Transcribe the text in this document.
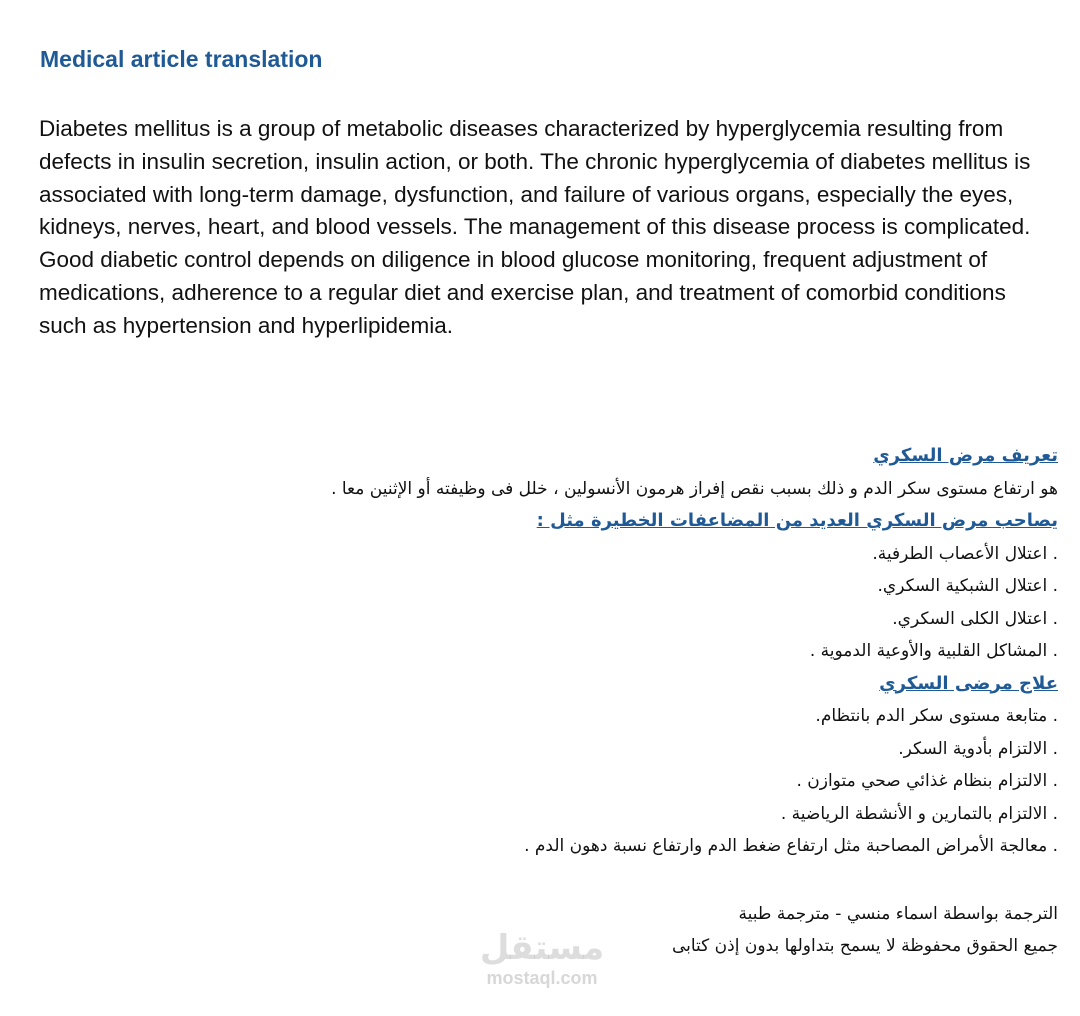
Medical article translation

Diabetes mellitus is a group of metabolic diseases characterized by hyperglycemia resulting from defects in insulin secretion, insulin action, or both. The chronic hyperglycemia of diabetes mellitus is associated with long-term damage, dysfunction, and failure of various organs, especially the eyes, kidneys, nerves, heart, and blood vessels. The management of this disease process is complicated. Good diabetic control depends on diligence in blood glucose monitoring, frequent adjustment of medications, adherence to a regular diet and exercise plan, and treatment of comorbid conditions such as hypertension and hyperlipidemia.

تعريف مرض السكري
هو ارتفاع مستوى سكر الدم و ذلك بسبب نقص إفراز هرمون الأنسولين ، خلل فى وظيفته أو الإثنين معا .
يصاحب مرض السكري العديد من المضاعفات الخطيرة مثل :
. اعتلال الأعصاب الطرفية.
. اعتلال الشبكية السكري.
. اعتلال الكلى السكري.
. المشاكل القلبية والأوعية الدموية .
علاج مرضى السكري
. متابعة مستوى سكر الدم بانتظام.
. الالتزام بأدوية السكر.
. الالتزام بنظام غذائي صحي متوازن .
. الالتزام بالتمارين و الأنشطة الرياضية .
. معالجة الأمراض المصاحبة مثل ارتفاع ضغط الدم وارتفاع نسبة دهون الدم .
الترجمة بواسطة اسماء منسي - مترجمة طبية
جميع الحقوق محفوظة لا يسمح بتداولها بدون إذن كتابى
مستقل
mostaql.com
